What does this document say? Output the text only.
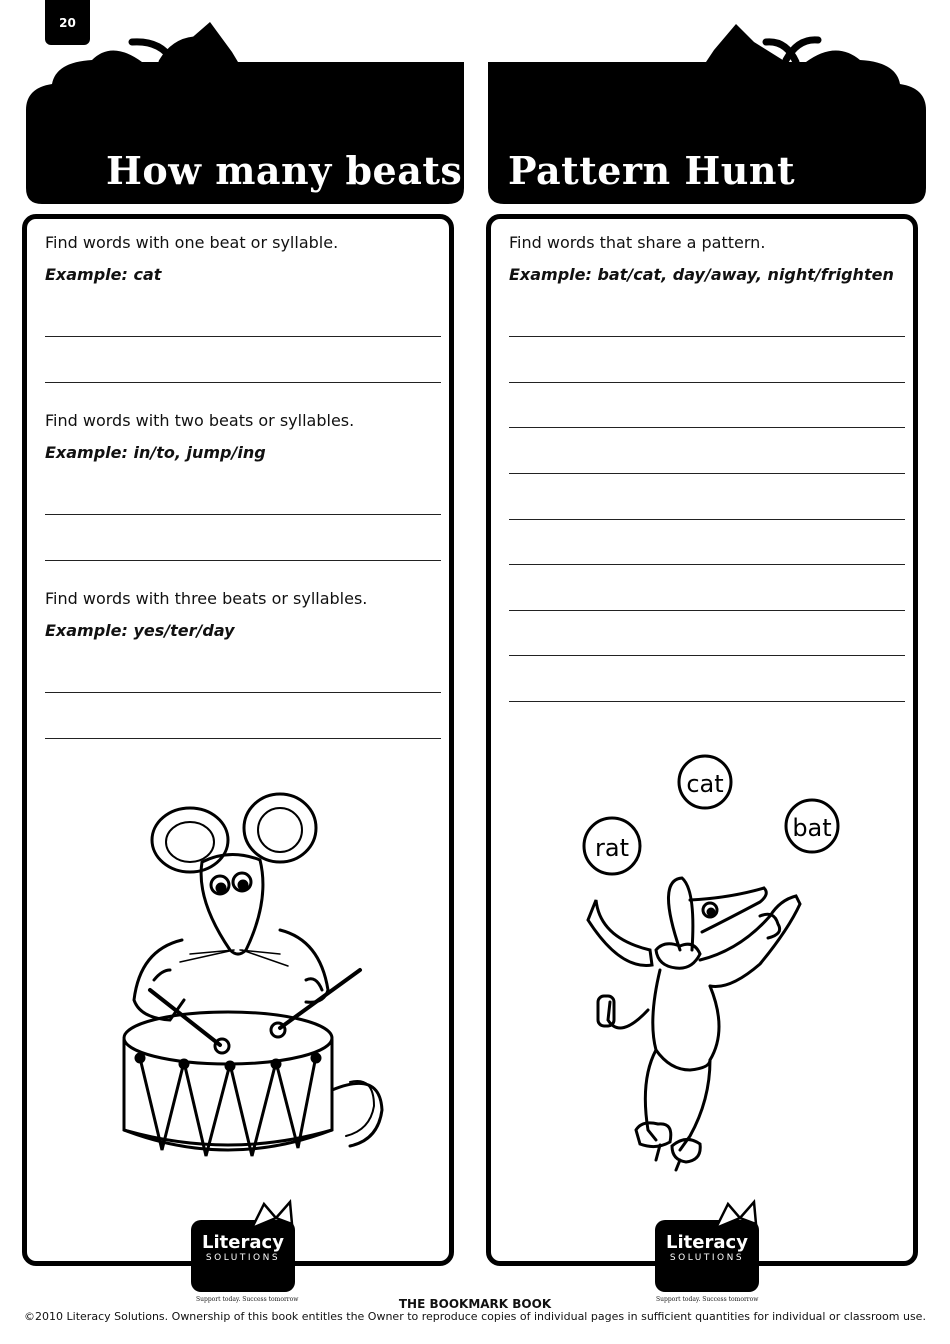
20
How many beats? Pattern Hunt
Find words with one beat or syllable.
Example: cat
Find words with two beats or syllables.
Example: in/to, jump/ing
Find words with three beats or syllables.
Example: yes/ter/day
Find words that share a pattern.
Example: bat/cat, day/away, night/frighten
cat
rat
bat
Literacy
SOLUTIONS
Support today. Success tomorrow
Literacy
SOLUTIONS
Support today. Success tomorrow
THE BOOKMARK BOOK
©2010 Literacy Solutions. Ownership of this book entitles the Owner to reproduce copies of individual pages in sufficient quantities for individual or classroom use.
